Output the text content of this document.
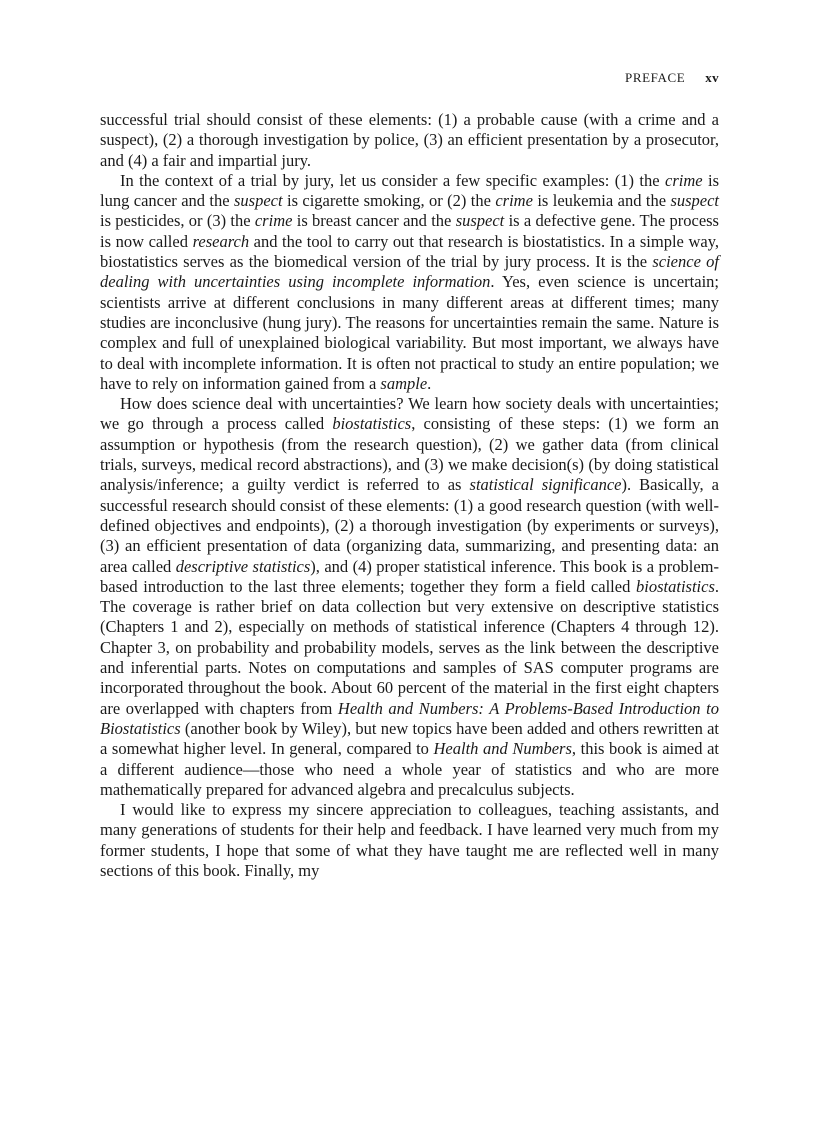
PREFACE xv

successful trial should consist of these elements: (1) a probable cause (with a crime and a suspect), (2) a thorough investigation by police, (3) an efficient presentation by a prosecutor, and (4) a fair and impartial jury.

In the context of a trial by jury, let us consider a few specific examples: (1) the crime is lung cancer and the suspect is cigarette smoking, or (2) the crime is leukemia and the suspect is pesticides, or (3) the crime is breast cancer and the suspect is a defective gene. The process is now called research and the tool to carry out that research is biostatistics. In a simple way, biostatistics serves as the biomedical version of the trial by jury process. It is the science of dealing with uncertainties using incomplete information. Yes, even science is uncertain; scientists arrive at different conclusions in many different areas at different times; many studies are inconclusive (hung jury). The reasons for uncertainties remain the same. Nature is complex and full of unexplained biological variability. But most important, we always have to deal with incomplete information. It is often not practical to study an entire population; we have to rely on information gained from a sample.

How does science deal with uncertainties? We learn how society deals with uncertainties; we go through a process called biostatistics, consisting of these steps: (1) we form an assumption or hypothesis (from the research question), (2) we gather data (from clinical trials, surveys, medical record abstractions), and (3) we make decision(s) (by doing statistical analysis/inference; a guilty verdict is referred to as statistical significance). Basically, a successful research should consist of these elements: (1) a good research question (with well-defined objectives and endpoints), (2) a thorough investigation (by experiments or surveys), (3) an efficient presentation of data (organizing data, summarizing, and presenting data: an area called descriptive statistics), and (4) proper statistical inference. This book is a problem-based introduction to the last three elements; together they form a field called biostatistics. The coverage is rather brief on data collection but very extensive on descriptive statistics (Chapters 1 and 2), especially on methods of statistical inference (Chapters 4 through 12). Chapter 3, on probability and probability models, serves as the link between the descriptive and inferential parts. Notes on computations and samples of SAS computer programs are incorporated throughout the book. About 60 percent of the material in the first eight chapters are overlapped with chapters from Health and Numbers: A Problems-Based Introduction to Biostatistics (another book by Wiley), but new topics have been added and others rewritten at a somewhat higher level. In general, compared to Health and Numbers, this book is aimed at a different audience—those who need a whole year of statistics and who are more mathematically prepared for advanced algebra and precalculus subjects.

I would like to express my sincere appreciation to colleagues, teaching assistants, and many generations of students for their help and feedback. I have learned very much from my former students, I hope that some of what they have taught me are reflected well in many sections of this book. Finally, my
